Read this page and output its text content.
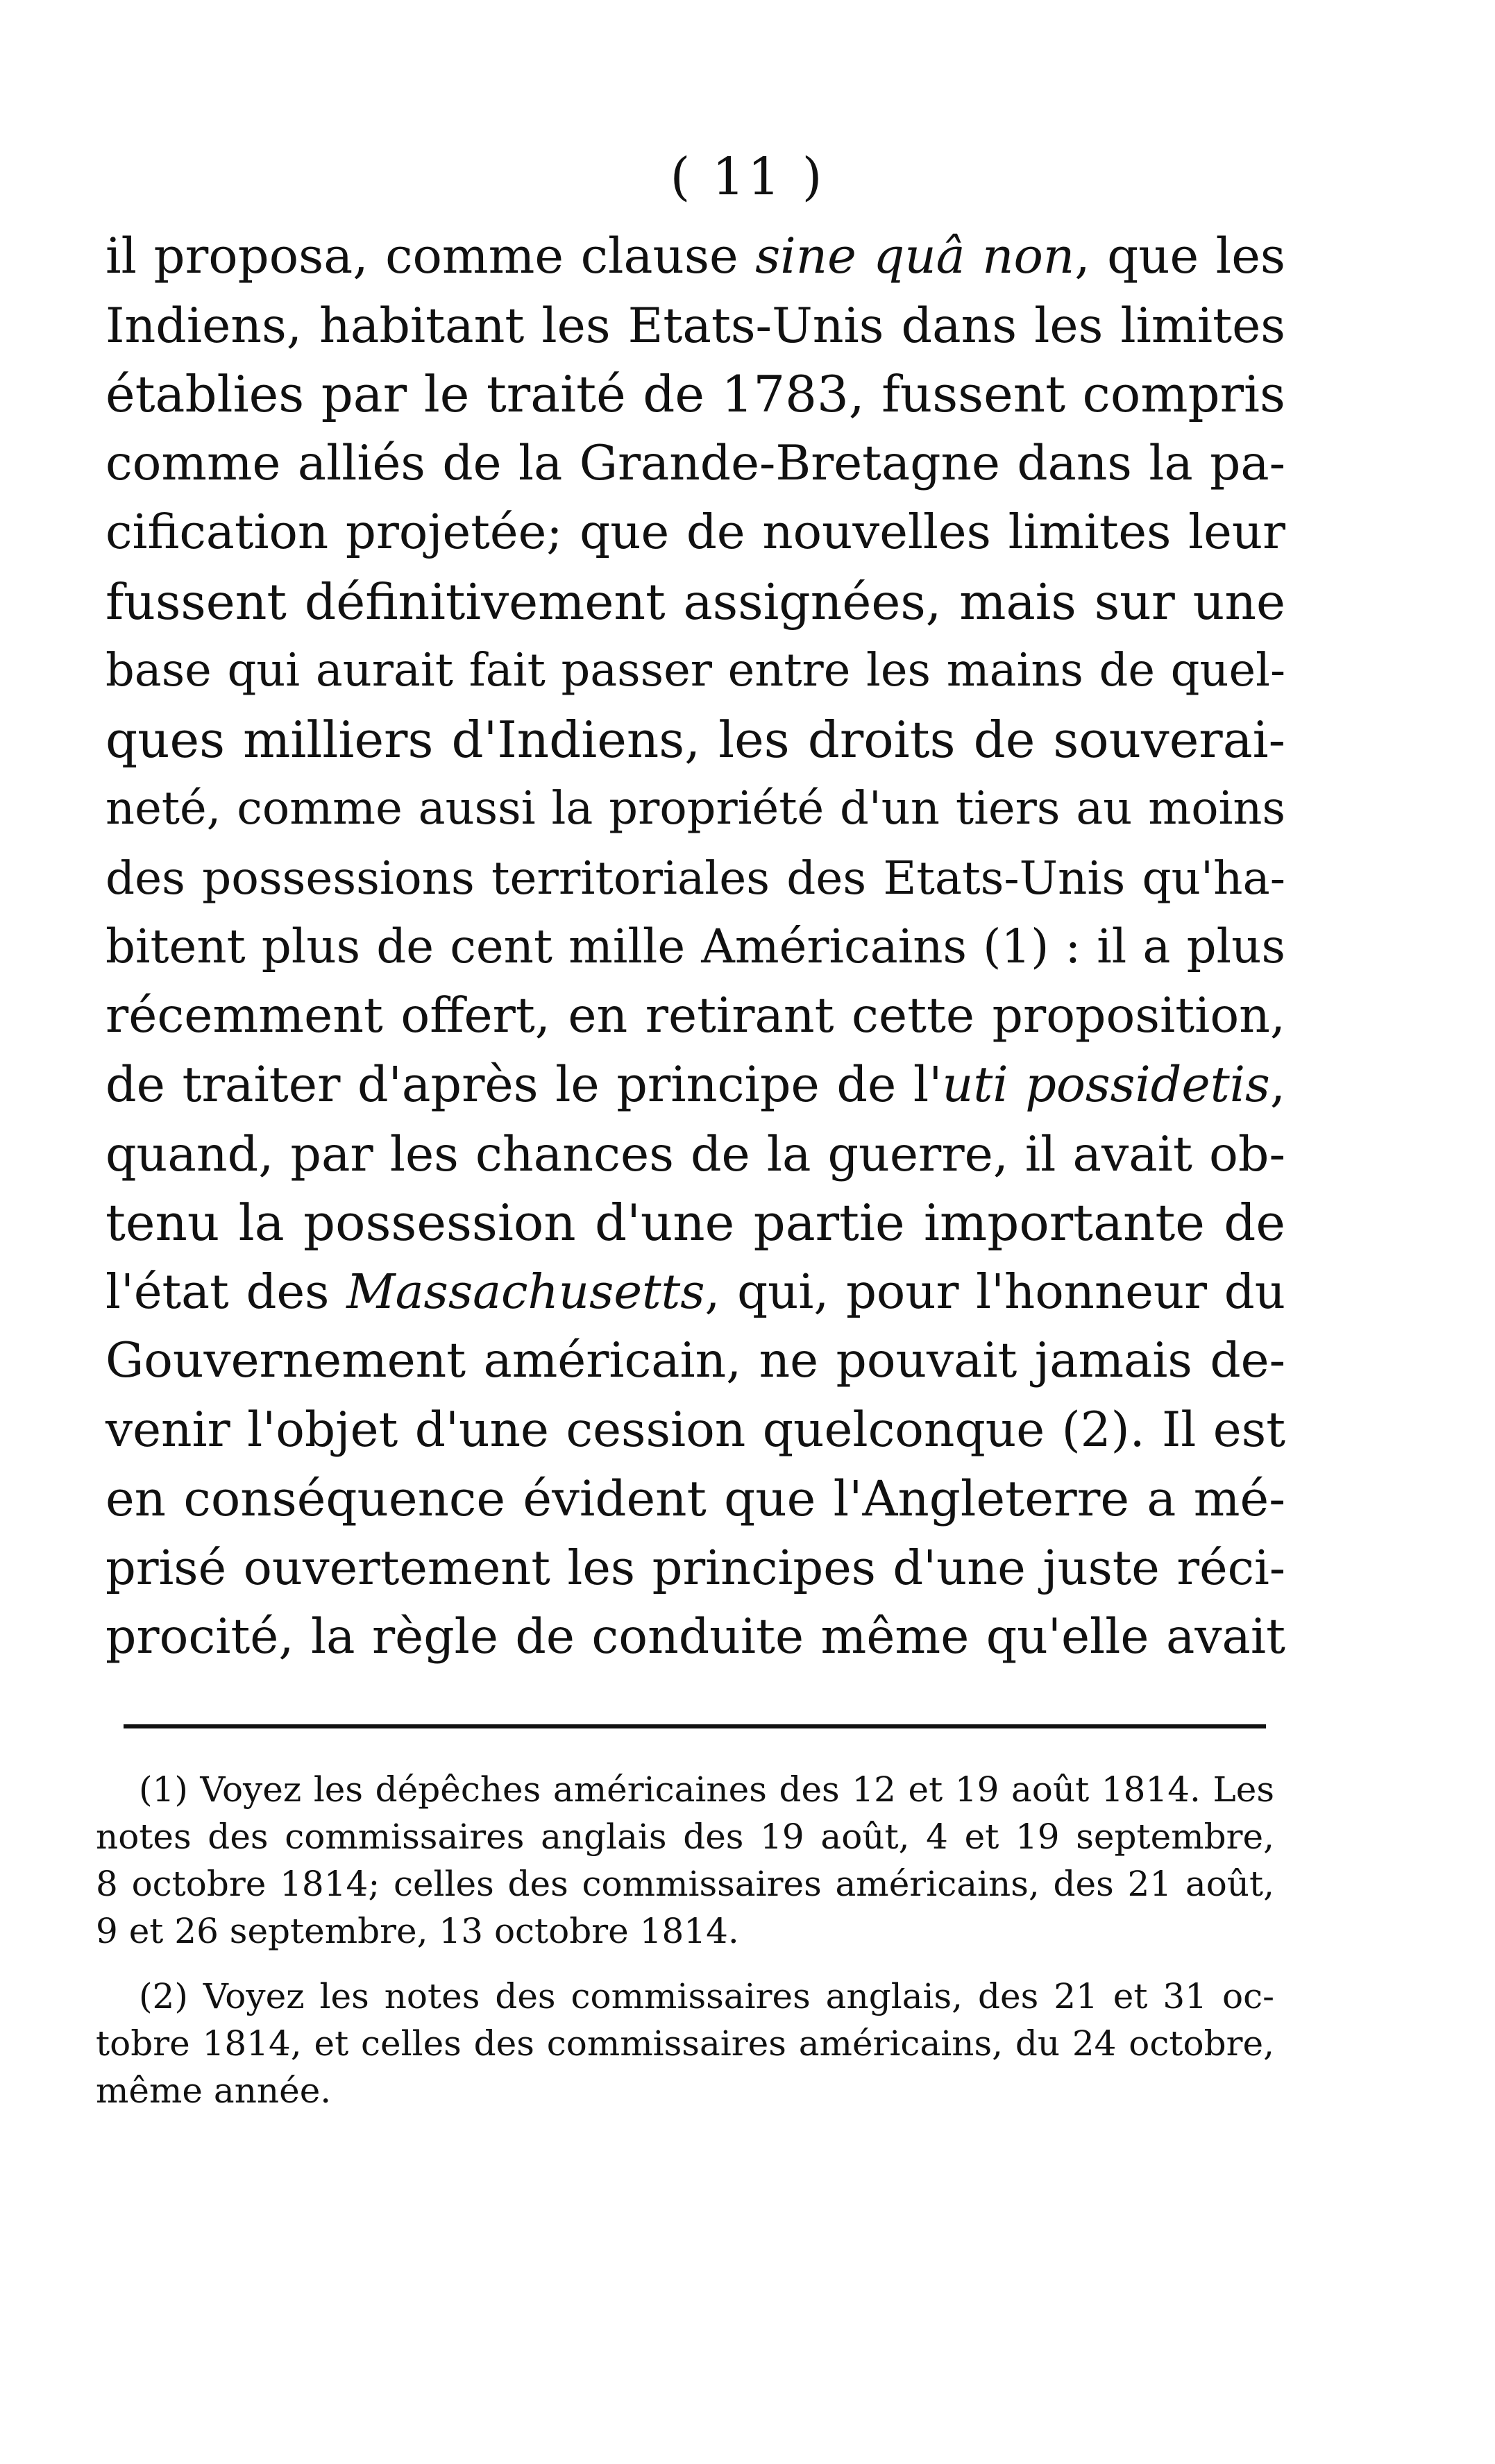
( 11 )
il proposa, comme clause sine quâ non, que les
Indiens, habitant les Etats-Unis dans les limites
établies par le traité de 1783, fussent compris
comme alliés de la Grande-Bretagne dans la pa-
cification projetée; que de nouvelles limites leur
fussent définitivement assignées, mais sur une
base qui aurait fait passer entre les mains de quel-
ques milliers d'Indiens, les droits de souverai-
neté, comme aussi la propriété d'un tiers au moins
des possessions territoriales des Etats-Unis qu'ha-
bitent plus de cent mille Américains (1) : il a plus
récemment offert, en retirant cette proposition,
de traiter d'après le principe de l'uti possidetis,
quand, par les chances de la guerre, il avait ob-
tenu la possession d'une partie importante de
l'état des Massachusetts, qui, pour l'honneur du
Gouvernement américain, ne pouvait jamais de-
venir l'objet d'une cession quelconque (2). Il est
en conséquence évident que l'Angleterre a mé-
prisé ouvertement les principes d'une juste réci-
procité, la règle de conduite même qu'elle avait
(1) Voyez les dépêches américaines des 12 et 19 août 1814. Les
notes des commissaires anglais des 19 août, 4 et 19 septembre,
8 octobre 1814; celles des commissaires américains, des 21 août,
9 et 26 septembre, 13 octobre 1814.
(2) Voyez les notes des commissaires anglais, des 21 et 31 oc-
tobre 1814, et celles des commissaires américains, du 24 octobre,
même année.
